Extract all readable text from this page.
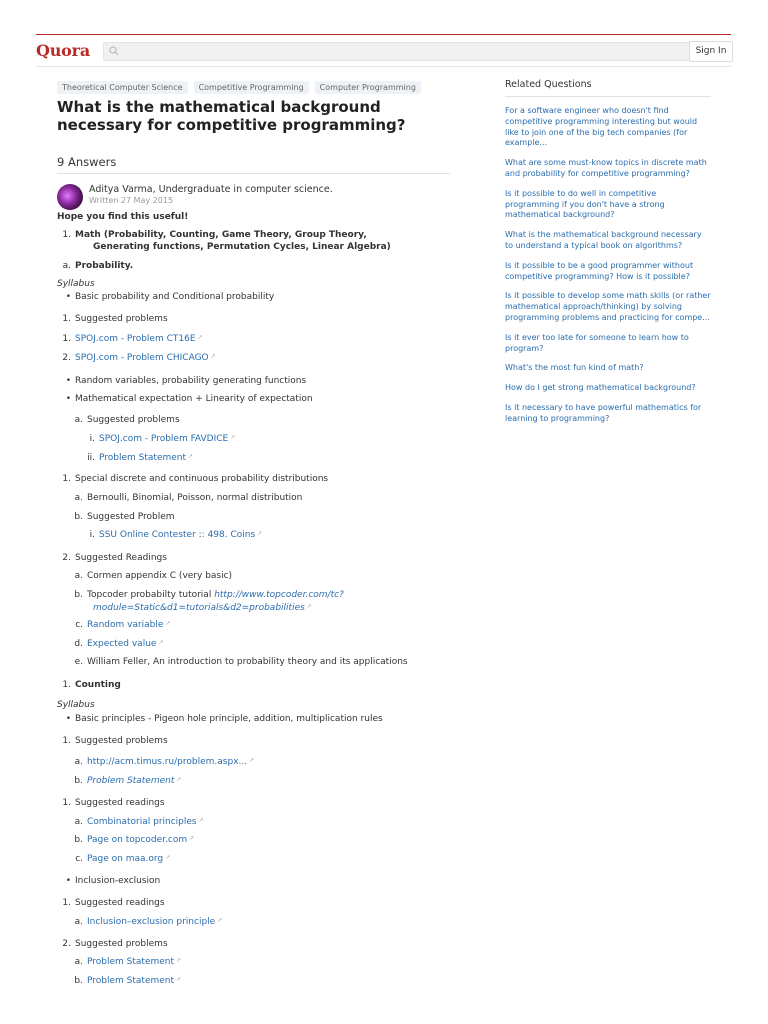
Quora	Sign In
Theoretical Computer Science	Competitive Programming	Computer Programming
What is the mathematical background necessary for competitive programming?
9 Answers
Aditya Varma, Undergraduate in computer science.
Written 27 May 2015

Hope you find this useful!

1. Math (Probability, Counting, Game Theory, Group Theory,
Generating functions, Permutation Cycles, Linear Algebra)
a. Probability.
Syllabus
• Basic probability and Conditional probability
1. Suggested problems
1. SPOJ.com - Problem CT16E ↗
2. SPOJ.com - Problem CHICAGO ↗
• Random variables, probability generating functions
• Mathematical expectation + Linearity of expectation
a. Suggested problems
i. SPOJ.com - Problem FAVDICE ↗
ii. Problem Statement ↗
1. Special discrete and continuous probability distributions
a. Bernoulli, Binomial, Poisson, normal distribution
b. Suggested Problem
i. SSU Online Contester :: 498. Coins ↗
2. Suggested Readings
a. Cormen appendix C (very basic)
b. Topcoder probabilty tutorial http://www.topcoder.com/tc?
module=Static&d1=tutorials&d2=probabilities ↗
c. Random variable ↗
d. Expected value ↗
e. William Feller, An introduction to probability theory and its applications
1. Counting
Syllabus
• Basic principles - Pigeon hole principle, addition, multiplication rules
1. Suggested problems
a. http://acm.timus.ru/problem.aspx... ↗
b. Problem Statement ↗
1. Suggested readings
a. Combinatorial principles ↗
b. Page on topcoder.com ↗
c. Page on maa.org ↗
• Inclusion-exclusion
1. Suggested readings
a. Inclusion–exclusion principle ↗
2. Suggested problems
a. Problem Statement ↗
b. Problem Statement ↗
Related Questions
For a software engineer who doesn't find competitive programming interesting but would like to join one of the big tech companies (for example...
What are some must-know topics in discrete math and probability for competitive programming?
Is it possible to do well in competitive programming if you don't have a strong mathematical background?
What is the mathematical background necessary to understand a typical book on algorithms?
Is it possible to be a good programmer without competitive programming? How is it possible?
Is it possible to develop some math skills (or rather mathematical approach/thinking) by solving programming problems and practicing for compe...
Is it ever too late for someone to learn how to program?
What's the most fun kind of math?
How do I get strong mathematical background?
Is it necessary to have powerful mathematics for learning to programming?
